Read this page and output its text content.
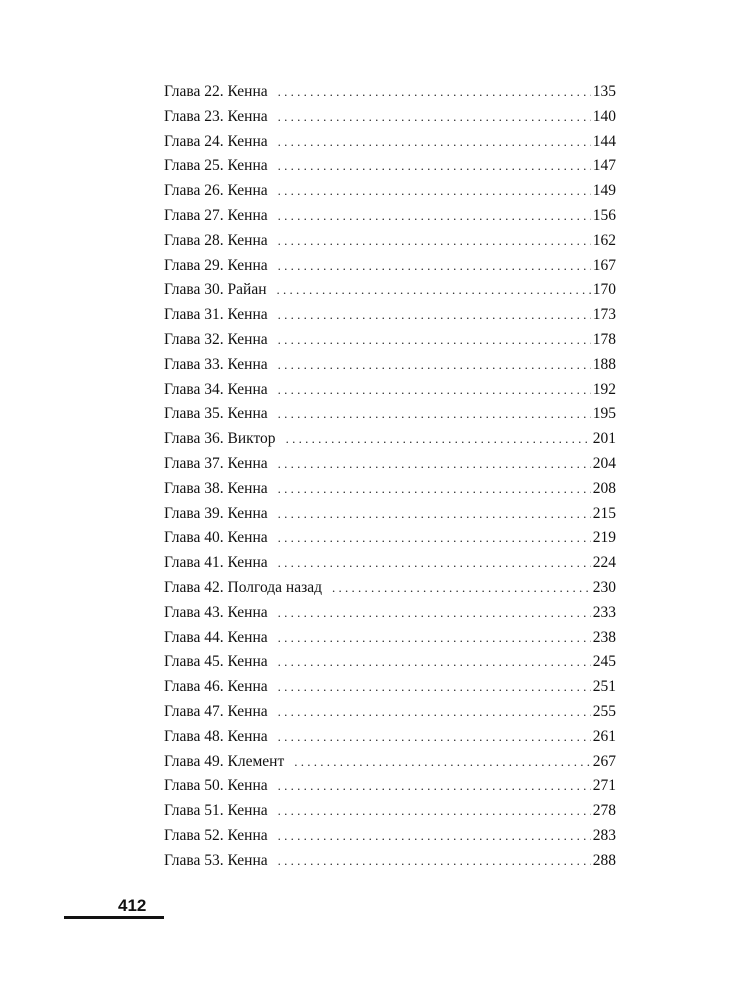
Глава 22. Кенна . . .	135
Глава 23. Кенна . . .	140
Глава 24. Кенна . . .	144
Глава 25. Кенна . . .	147
Глава 26. Кенна . . .	149
Глава 27. Кенна . . .	156
Глава 28. Кенна . . .	162
Глава 29. Кенна . . .	167
Глава 30. Райан . . .	170
Глава 31. Кенна . . .	173
Глава 32. Кенна . . .	178
Глава 33. Кенна . . .	188
Глава 34. Кенна . . .	192
Глава 35. Кенна . . .	195
Глава 36. Виктор . . .	201
Глава 37. Кенна . . .	204
Глава 38. Кенна . . .	208
Глава 39. Кенна . . .	215
Глава 40. Кенна . . .	219
Глава 41. Кенна . . .	224
Глава 42. Полгода назад . . .	230
Глава 43. Кенна . . .	233
Глава 44. Кенна . . .	238
Глава 45. Кенна . . .	245
Глава 46. Кенна . . .	251
Глава 47. Кенна . . .	255
Глава 48. Кенна . . .	261
Глава 49. Клемент . . .	267
Глава 50. Кенна . . .	271
Глава 51. Кенна . . .	278
Глава 52. Кенна . . .	283
Глава 53. Кенна . . .	288
412
